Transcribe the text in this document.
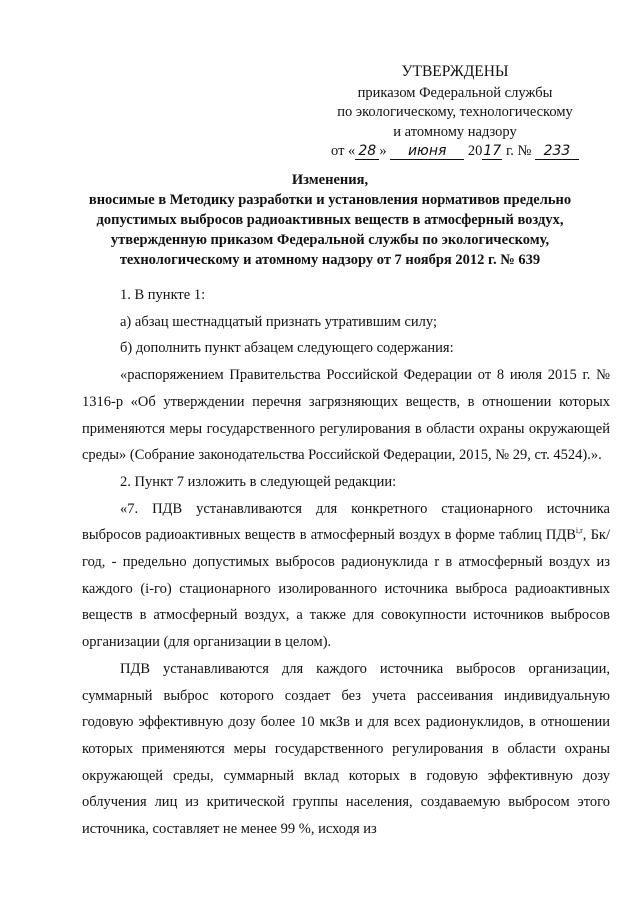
УТВЕРЖДЕНЫ
приказом Федеральной службы
по экологическому, технологическому
и атомному надзору
от « 28 » июня 2017 г. № 233
Изменения,
вносимые в Методику разработки и установления нормативов предельно допустимых выбросов радиоактивных веществ в атмосферный воздух, утвержденную приказом Федеральной службы по экологическому, технологическому и атомному надзору от 7 ноября 2012 г. № 639

1. В пункте 1:

а) абзац шестнадцатый признать утратившим силу;

б) дополнить пункт абзацем следующего содержания:

«распоряжением Правительства Российской Федерации от 8 июля 2015 г. № 1316-р «Об утверждении перечня загрязняющих веществ, в отношении которых применяются меры государственного регулирования в области охраны окружающей среды» (Собрание законодательства Российской Федерации, 2015, № 29, ст. 4524).».

2. Пункт 7 изложить в следующей редакции:

«7. ПДВ устанавливаются для конкретного стационарного источника выбросов радиоактивных веществ в атмосферный воздух в форме таблиц ПДВ$^{i,r}$, Бк/год, - предельно допустимых выбросов радионуклида r в атмосферный воздух из каждого (i-го) стационарного изолированного источника выброса радиоактивных веществ в атмосферный воздух, а также для совокупности источников выбросов организации (для организации в целом).

ПДВ устанавливаются для каждого источника выбросов организации, суммарный выброс которого создает без учета рассеивания индивидуальную годовую эффективную дозу более 10 мкЗв и для всех радионуклидов, в отношении которых применяются меры государственного регулирования в области охраны окружающей среды, суммарный вклад которых в годовую эффективную дозу облучения лиц из критической группы населения, создаваемую выбросом этого источника, составляет не менее 99 %, исходя из
